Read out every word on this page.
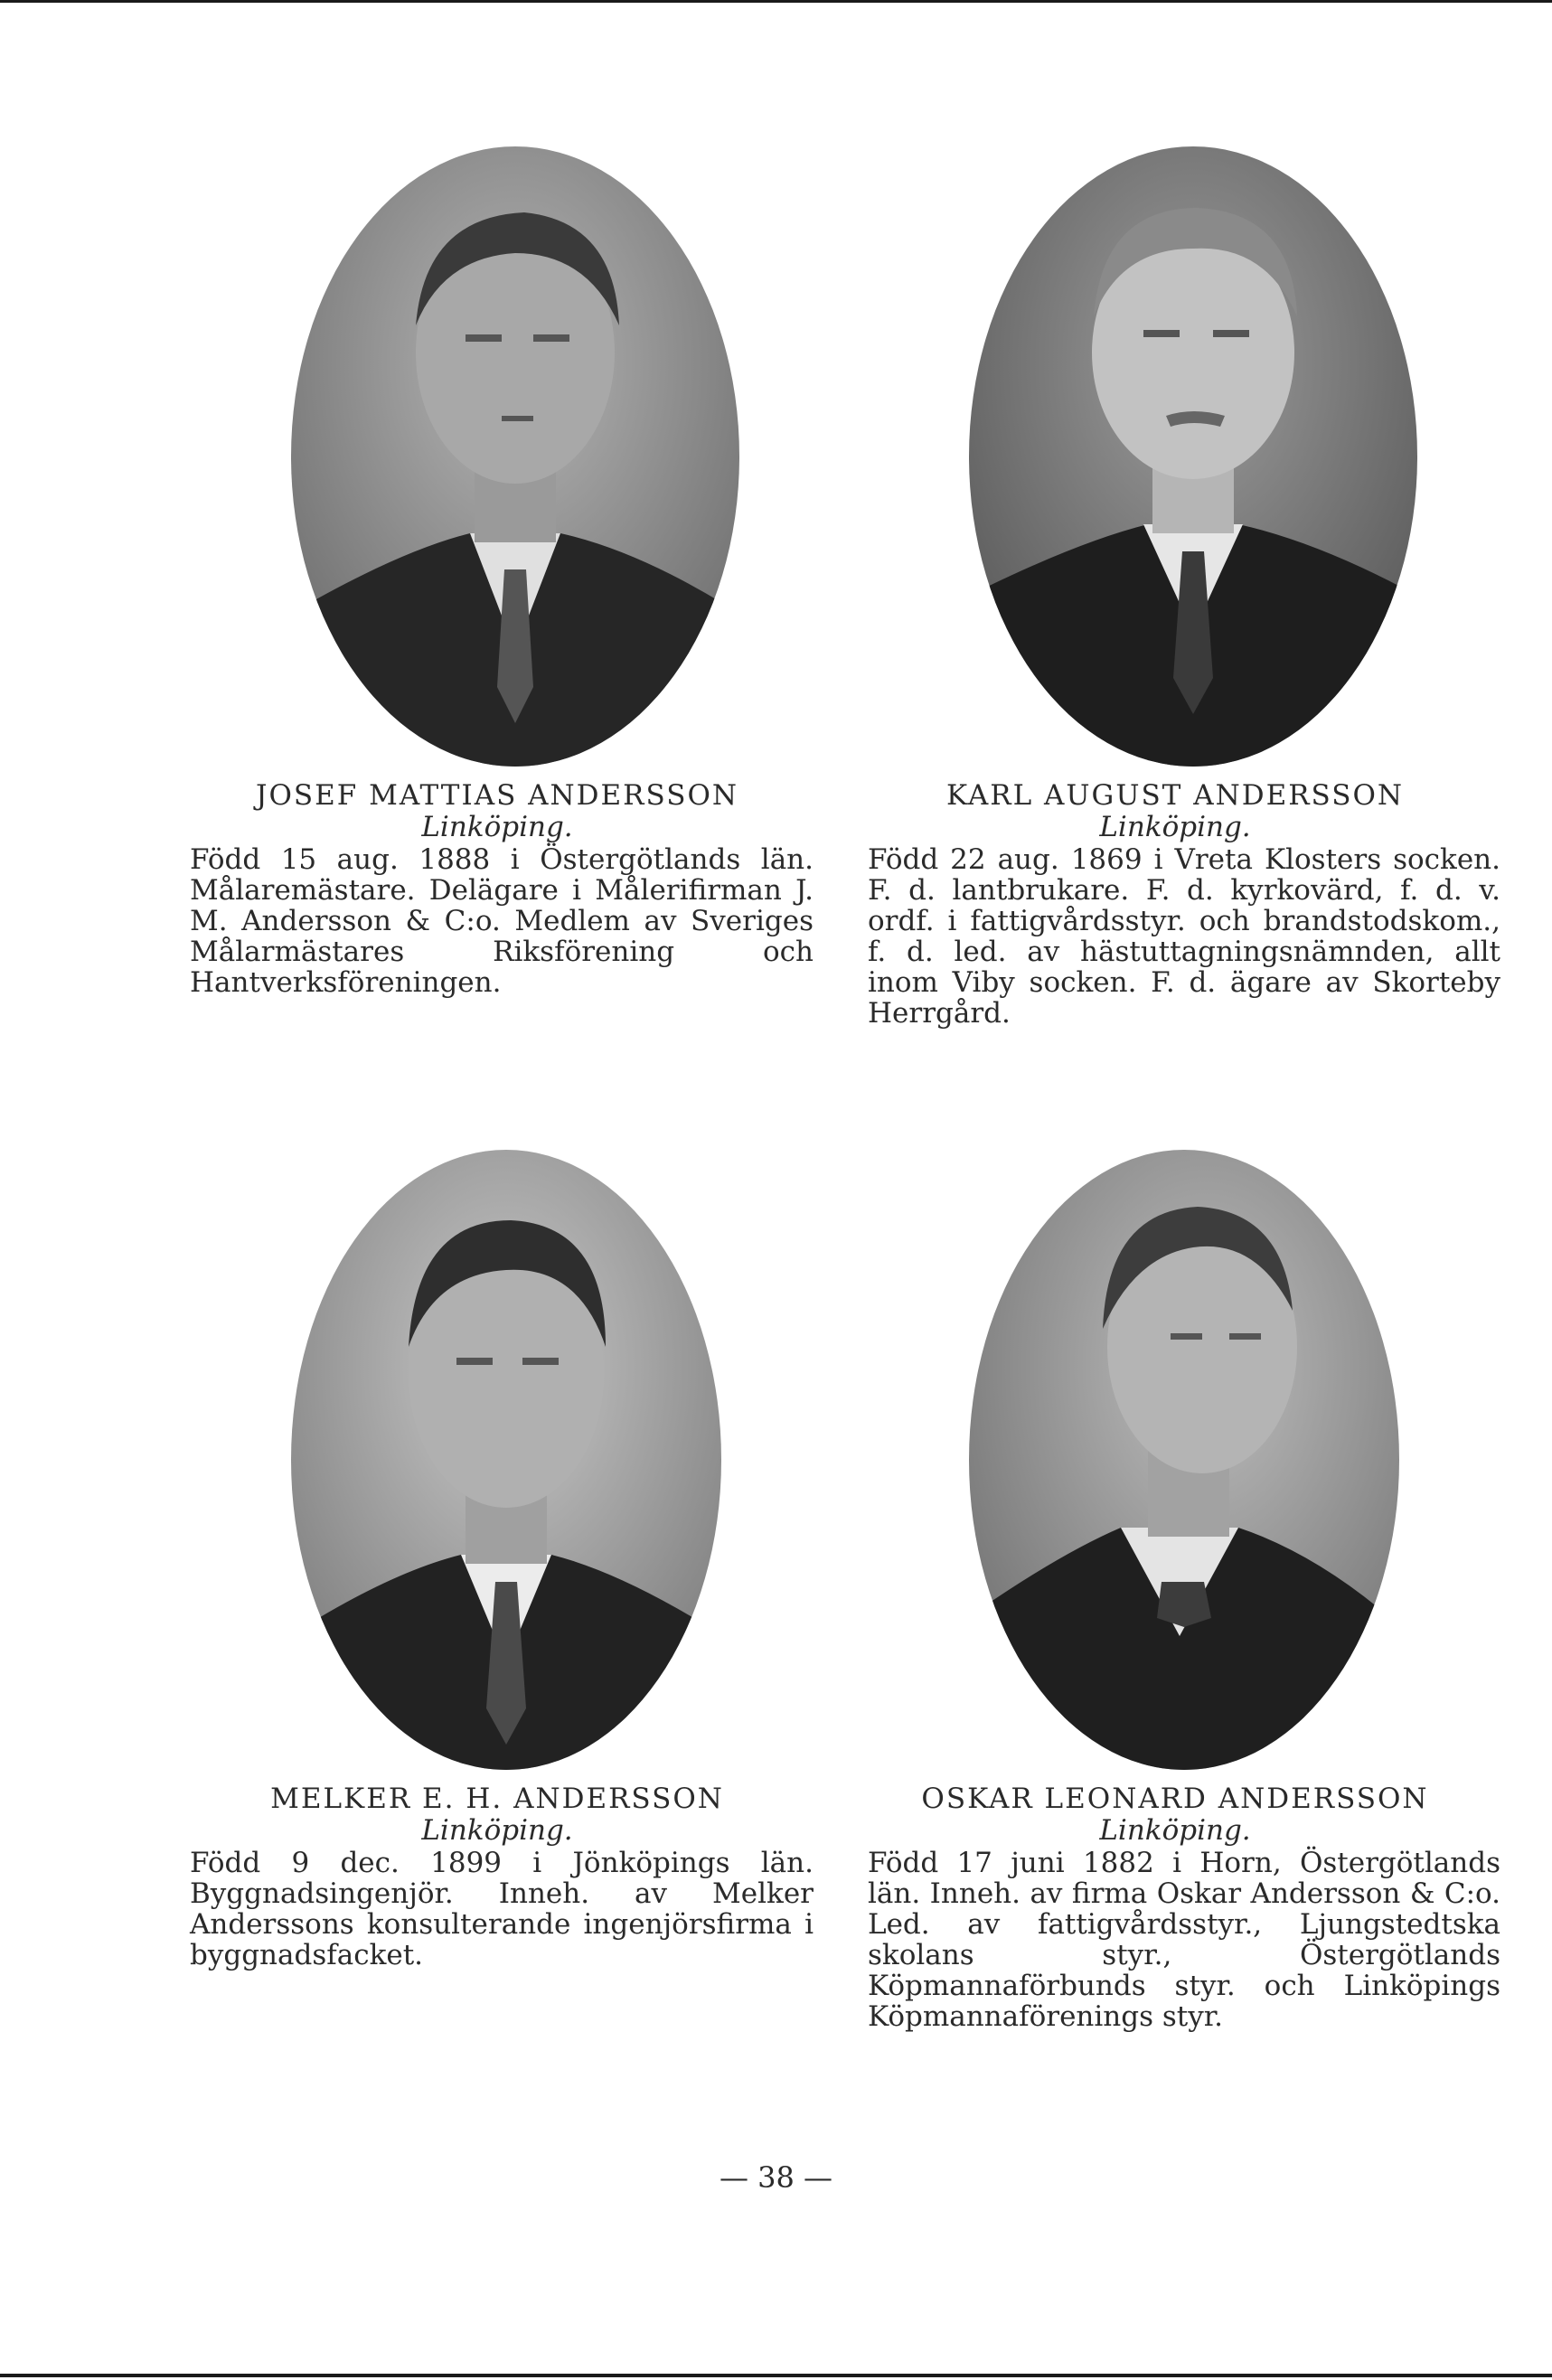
JOSEF MATTIAS ANDERSSON
Linköping.
Född 15 aug. 1888 i Östergötlands län. Målaremästare. Delägare i Målerifirman J. M. Andersson & C:o. Medlem av Sveriges Målarmästares Riksförening och Hantverksföreningen.
KARL AUGUST ANDERSSON
Linköping.
Född 22 aug. 1869 i Vreta Klosters socken. F. d. lantbrukare. F. d. kyrkovärd, f. d. v. ordf. i fattigvårdsstyr. och brandstodskom., f. d. led. av hästuttagningsnämnden, allt inom Viby socken. F. d. ägare av Skorteby Herrgård.
MELKER E. H. ANDERSSON
Linköping.
Född 9 dec. 1899 i Jönköpings län. Byggnadsingenjör. Inneh. av Melker Anderssons konsulterande ingenjörsfirma i byggnadsfacket.
OSKAR LEONARD ANDERSSON
Linköping.
Född 17 juni 1882 i Horn, Östergötlands län. Inneh. av firma Oskar Andersson & C:o. Led. av fattigvårdsstyr., Ljungstedtska skolans styr., Östergötlands Köpmannaförbunds styr. och Linköpings Köpmannaförenings styr.
— 38 —
